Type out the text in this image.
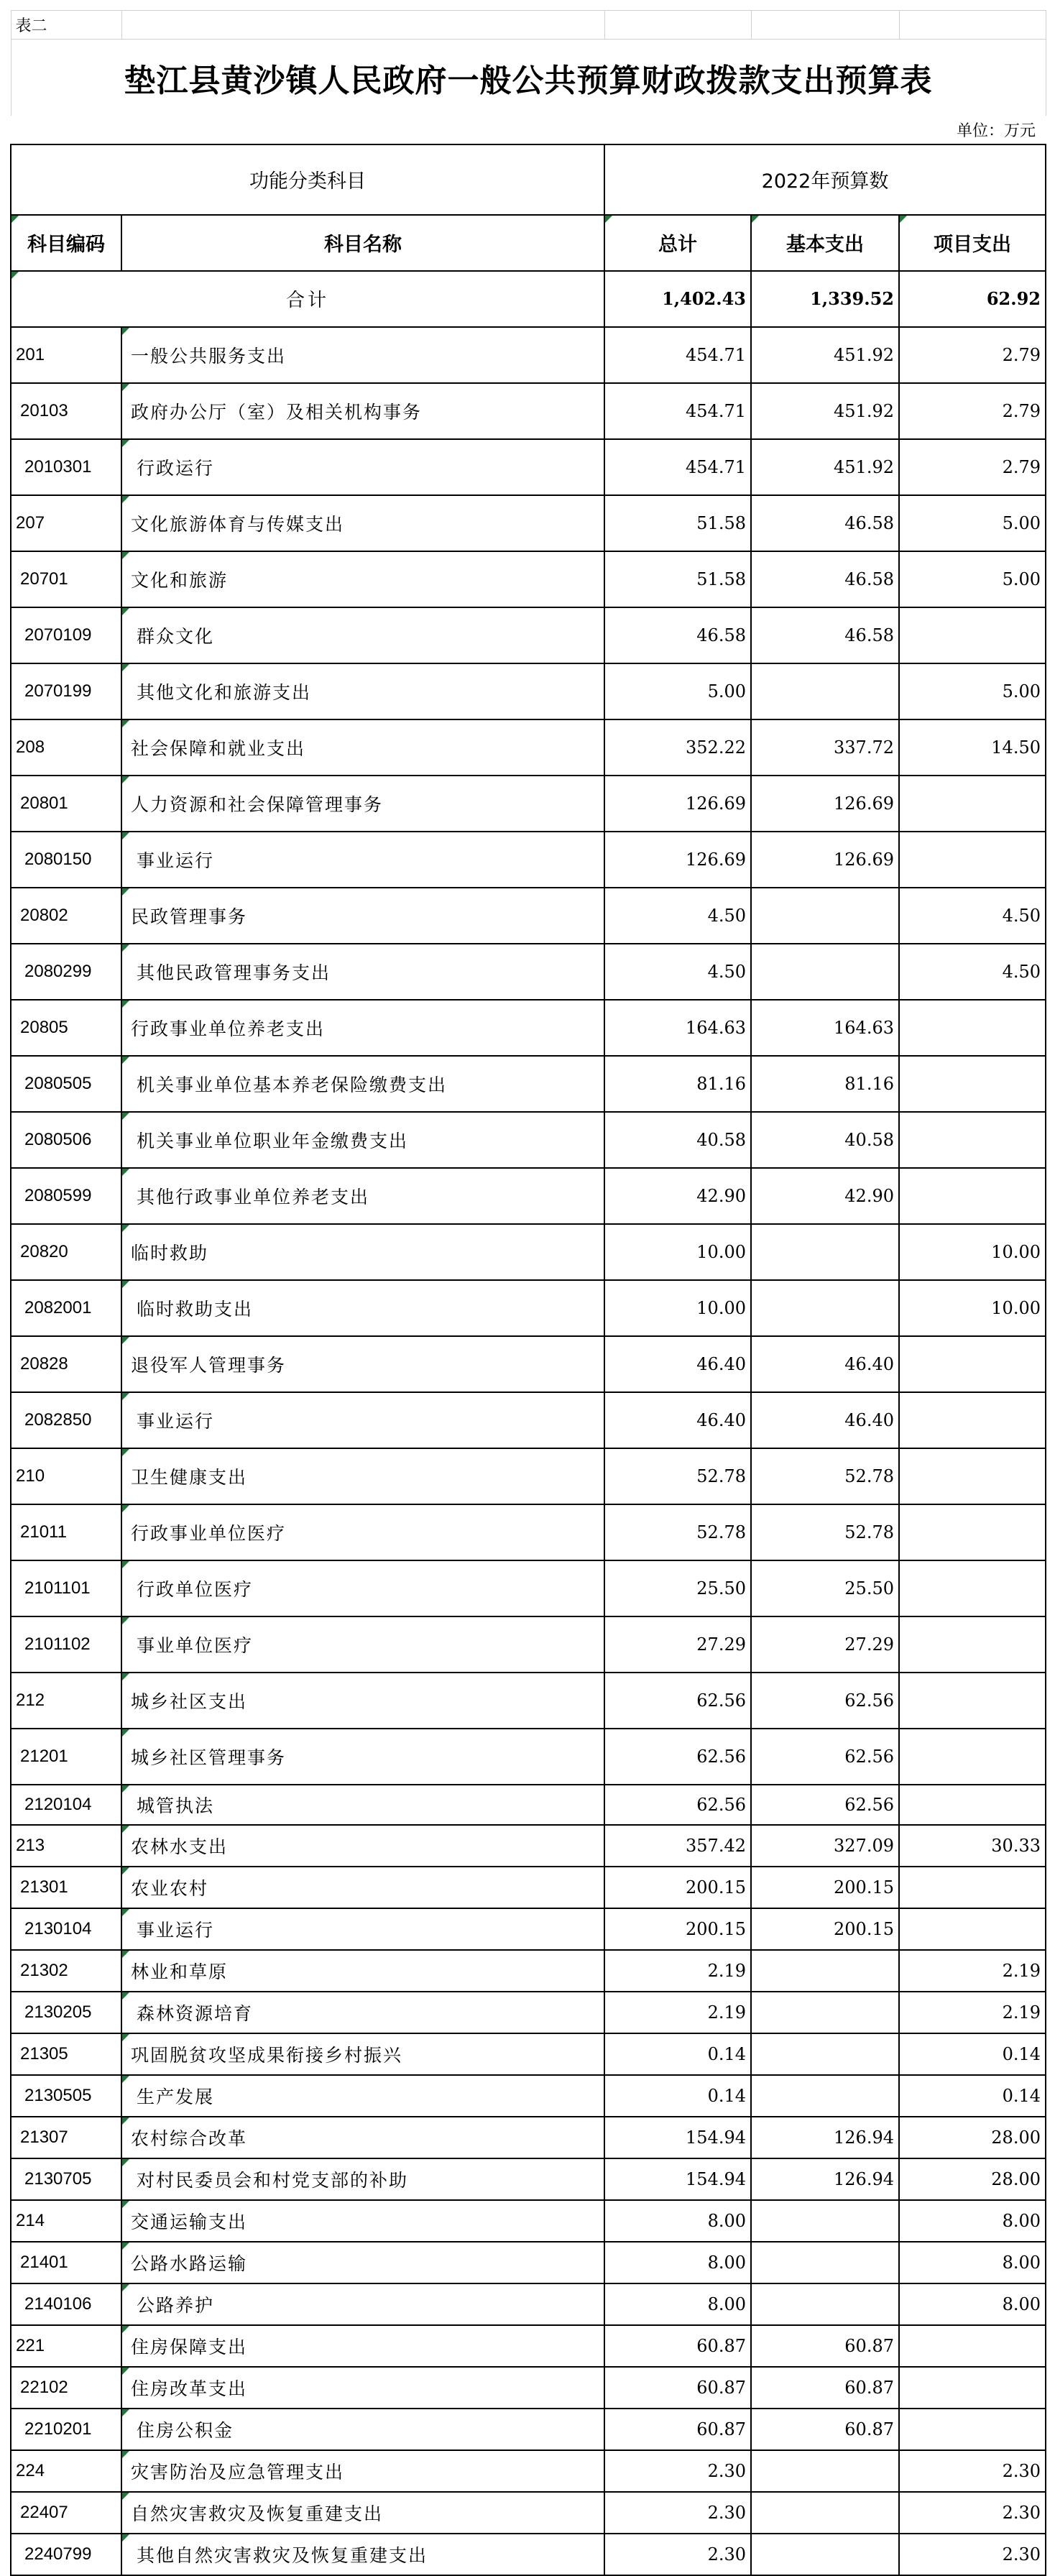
表二				
垫江县黄沙镇人民政府一般公共预算财政拨款支出预算表				
单位：万元				
功能分类科目		2022年预算数		
科目编码	科目名称	总计	基本支出	项目支出
合计		1,402.43	1,339.52	62.92
201	一般公共服务支出	454.71	451.92	2.79
20103	政府办公厅（室）及相关机构事务	454.71	451.92	2.79
2010301	行政运行	454.71	451.92	2.79
207	文化旅游体育与传媒支出	51.58	46.58	5.00
20701	文化和旅游	51.58	46.58	5.00
2070109	群众文化	46.58	46.58	
2070199	其他文化和旅游支出	5.00		5.00
208	社会保障和就业支出	352.22	337.72	14.50
20801	人力资源和社会保障管理事务	126.69	126.69	
2080150	事业运行	126.69	126.69	
20802	民政管理事务	4.50		4.50
2080299	其他民政管理事务支出	4.50		4.50
20805	行政事业单位养老支出	164.63	164.63	
2080505	机关事业单位基本养老保险缴费支出	81.16	81.16	
2080506	机关事业单位职业年金缴费支出	40.58	40.58	
2080599	其他行政事业单位养老支出	42.90	42.90	
20820	临时救助	10.00		10.00
2082001	临时救助支出	10.00		10.00
20828	退役军人管理事务	46.40	46.40	
2082850	事业运行	46.40	46.40	
210	卫生健康支出	52.78	52.78	
21011	行政事业单位医疗	52.78	52.78	
2101101	行政单位医疗	25.50	25.50	
2101102	事业单位医疗	27.29	27.29	
212	城乡社区支出	62.56	62.56	
21201	城乡社区管理事务	62.56	62.56	
2120104	城管执法	62.56	62.56	
213	农林水支出	357.42	327.09	30.33
21301	农业农村	200.15	200.15	
2130104	事业运行	200.15	200.15	
21302	林业和草原	2.19		2.19
2130205	森林资源培育	2.19		2.19
21305	巩固脱贫攻坚成果衔接乡村振兴	0.14		0.14
2130505	生产发展	0.14		0.14
21307	农村综合改革	154.94	126.94	28.00
2130705	对村民委员会和村党支部的补助	154.94	126.94	28.00
214	交通运输支出	8.00		8.00
21401	公路水路运输	8.00		8.00
2140106	公路养护	8.00		8.00
221	住房保障支出	60.87	60.87	
22102	住房改革支出	60.87	60.87	
2210201	住房公积金	60.87	60.87	
224	灾害防治及应急管理支出	2.30		2.30
22407	自然灾害救灾及恢复重建支出	2.30		2.30
2240799	其他自然灾害救灾及恢复重建支出	2.30		2.30
